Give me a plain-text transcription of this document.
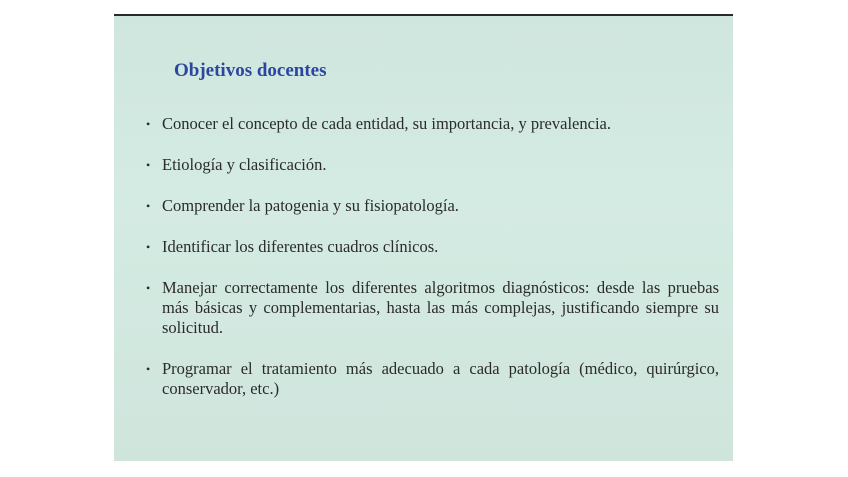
Objetivos docentes
• Conocer el concepto de cada entidad, su importancia, y prevalencia.
• Etiología y clasificación.
• Comprender la patogenia y su fisiopatología.
• Identificar los diferentes cuadros clínicos.
• Manejar correctamente los diferentes algoritmos diagnósticos: desde las pruebas más básicas y complementarias, hasta las más complejas, justificando siempre su solicitud.
• Programar el tratamiento más adecuado a cada patología (médico, quirúrgico, conservador, etc.)
